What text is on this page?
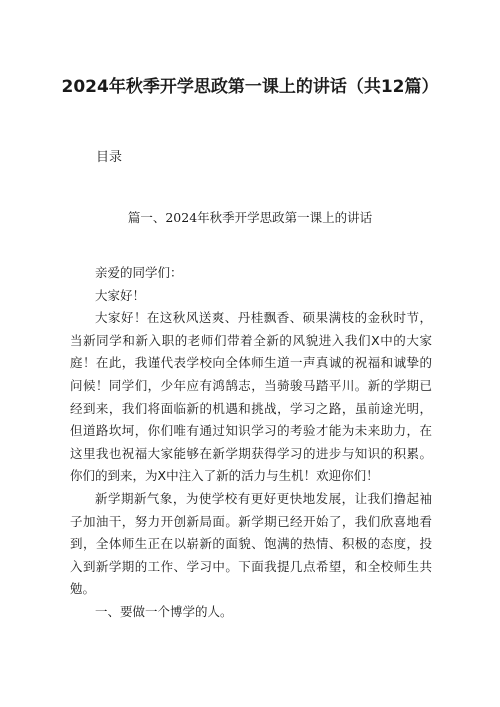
2024年秋季开学思政第一课上的讲话（共12篇）
目录
篇一、2024年秋季开学思政第一课上的讲话

亲爱的同学们：

大家好！

大家好！在这秋风送爽、丹桂飘香、硕果满枝的金秋时节，当新同学和新入职的老师们带着全新的风貌进入我们X中的大家庭！在此，我谨代表学校向全体师生道一声真诚的祝福和诚挚的问候！同学们，少年应有鸿鹄志，当骑骏马踏平川。新的学期已经到来，我们将面临新的机遇和挑战，学习之路，虽前途光明，但道路坎坷，你们唯有通过知识学习的考验才能为未来助力，在这里我也祝福大家能够在新学期获得学习的进步与知识的积累。你们的到来，为X中注入了新的活力与生机！欢迎你们！

新学期新气象，为使学校有更好更快地发展，让我们撸起袖子加油干，努力开创新局面。新学期已经开始了，我们欣喜地看到，全体师生正在以崭新的面貌、饱满的热情、积极的态度，投入到新学期的工作、学习中。下面我提几点希望，和全校师生共勉。

一、要做一个博学的人。
